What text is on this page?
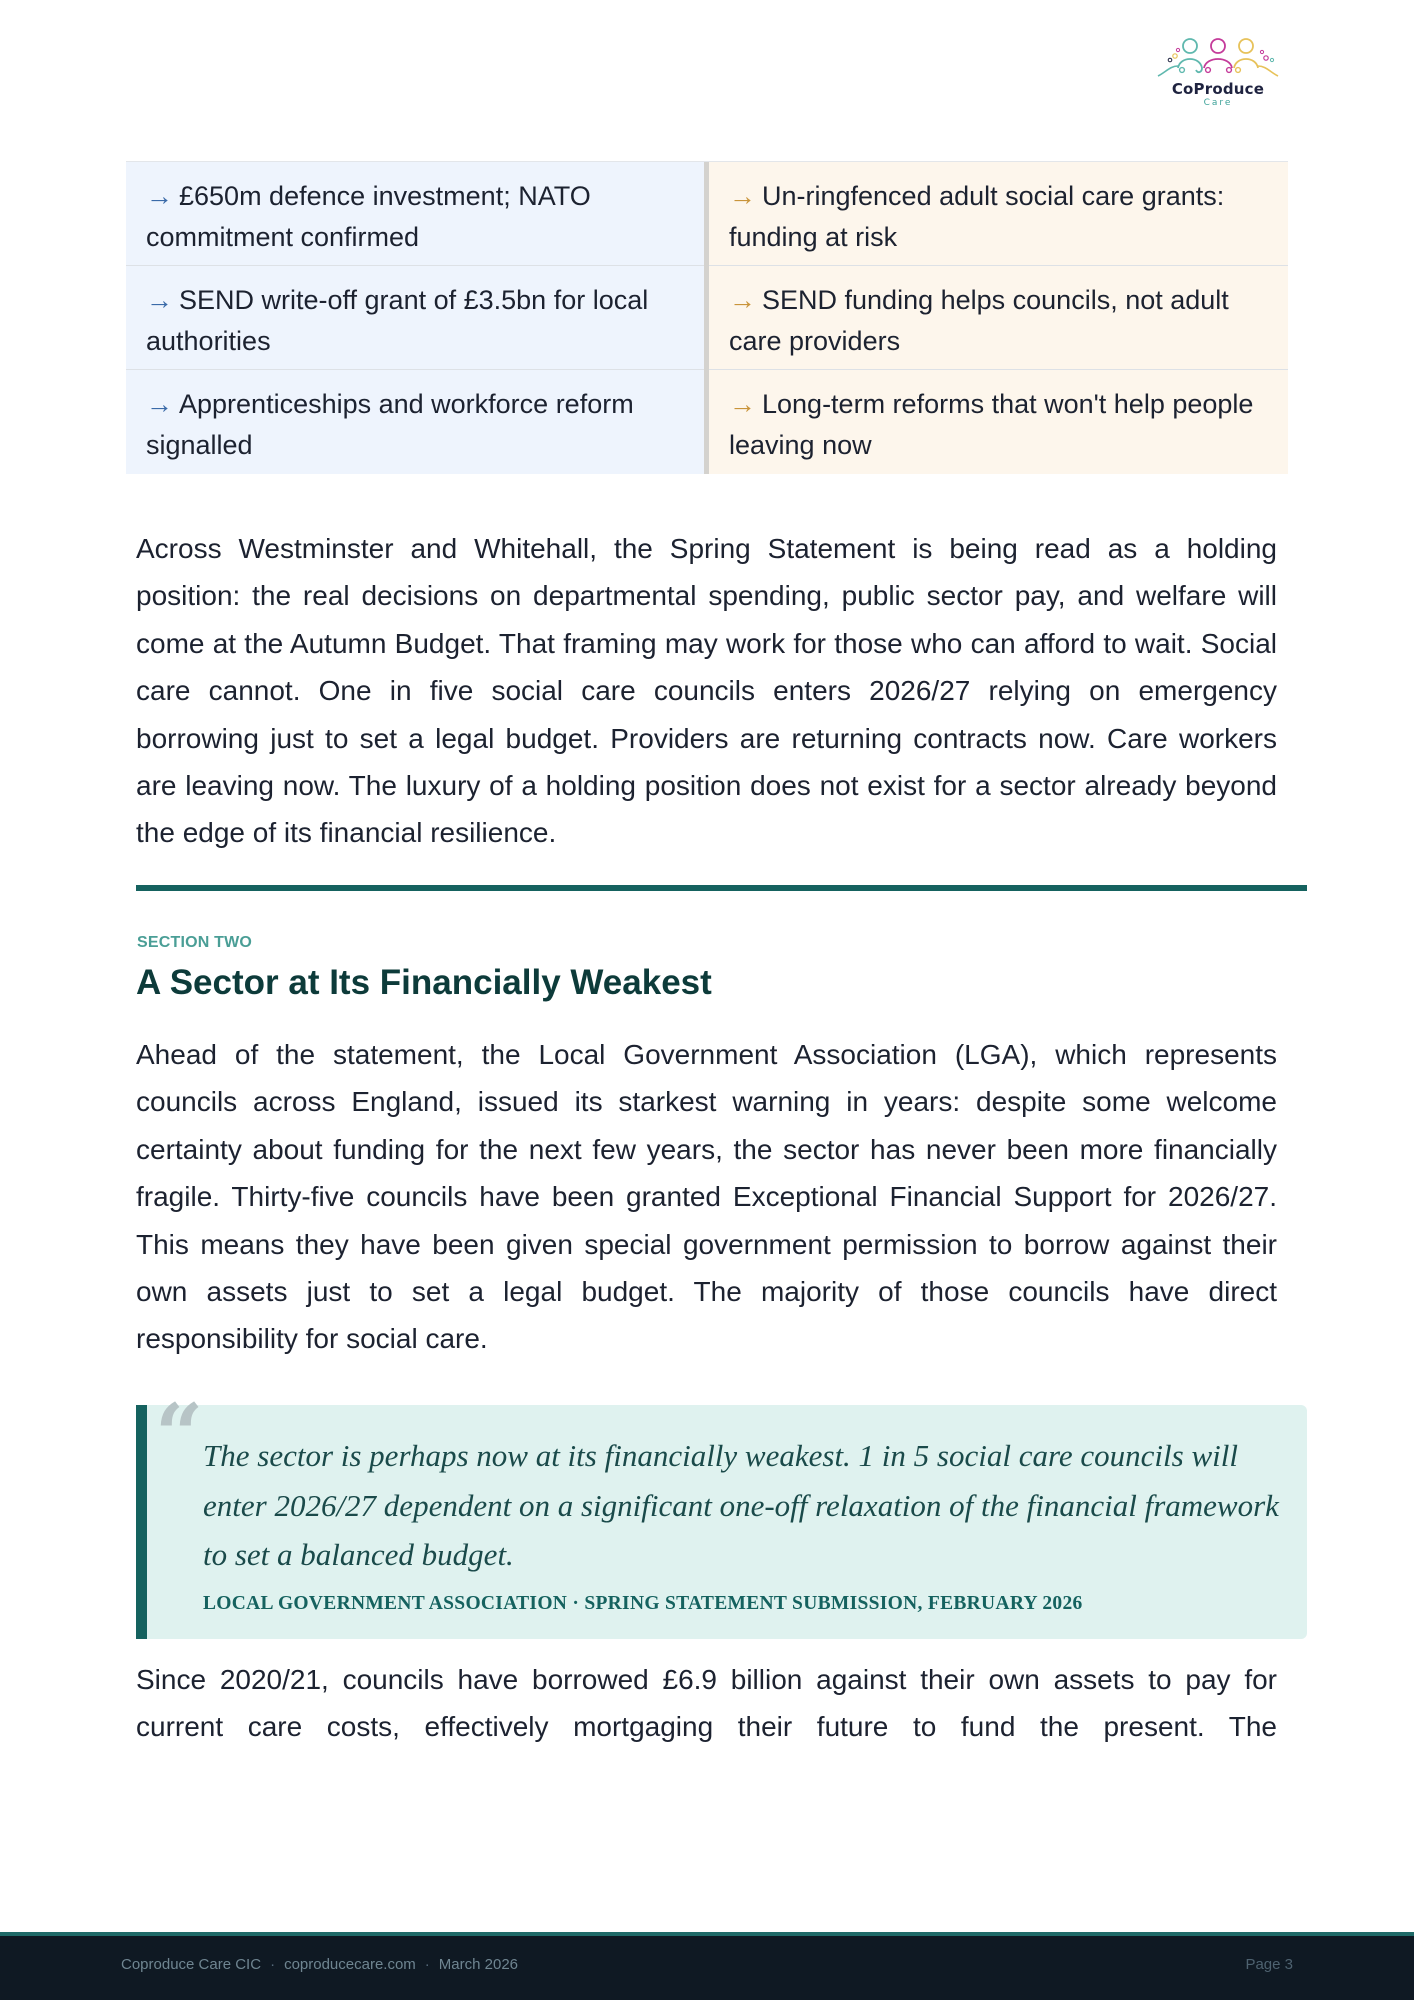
CoProduce
Care
→ £650m defence investment; NATO commitment confirmed
→ SEND write-off grant of £3.5bn for local authorities
→ Apprenticeships and workforce reform signalled
→ Un-ringfenced adult social care grants: funding at risk
→ SEND funding helps councils, not adult care providers
→ Long-term reforms that won't help people leaving now

Across Westminster and Whitehall, the Spring Statement is being read as a holding position: the real decisions on departmental spending, public sector pay, and welfare will come at the Autumn Budget. That framing may work for those who can afford to wait. Social care cannot. One in five social care councils enters 2026/27 relying on emergency borrowing just to set a legal budget. Providers are returning contracts now. Care workers are leaving now. The luxury of a holding position does not exist for a sector already beyond the edge of its financial resilience.

SECTION TWO
A Sector at Its Financially Weakest

Ahead of the statement, the Local Government Association (LGA), which represents councils across England, issued its starkest warning in years: despite some welcome certainty about funding for the next few years, the sector has never been more financially fragile. Thirty-five councils have been granted Exceptional Financial Support for 2026/27. This means they have been given special government permission to borrow against their own assets just to set a legal budget. The majority of those councils have direct responsibility for social care.

“ The sector is perhaps now at its financially weakest. 1 in 5 social care councils will enter 2026/27 dependent on a significant one-off relaxation of the financial framework to set a balanced budget.
LOCAL GOVERNMENT ASSOCIATION · SPRING STATEMENT SUBMISSION, FEBRUARY 2026

Since 2020/21, councils have borrowed £6.9 billion against their own assets to pay for current care costs, effectively mortgaging their future to fund the present. The

Coproduce Care CIC · coproducecare.com · March 2026	Page 3
